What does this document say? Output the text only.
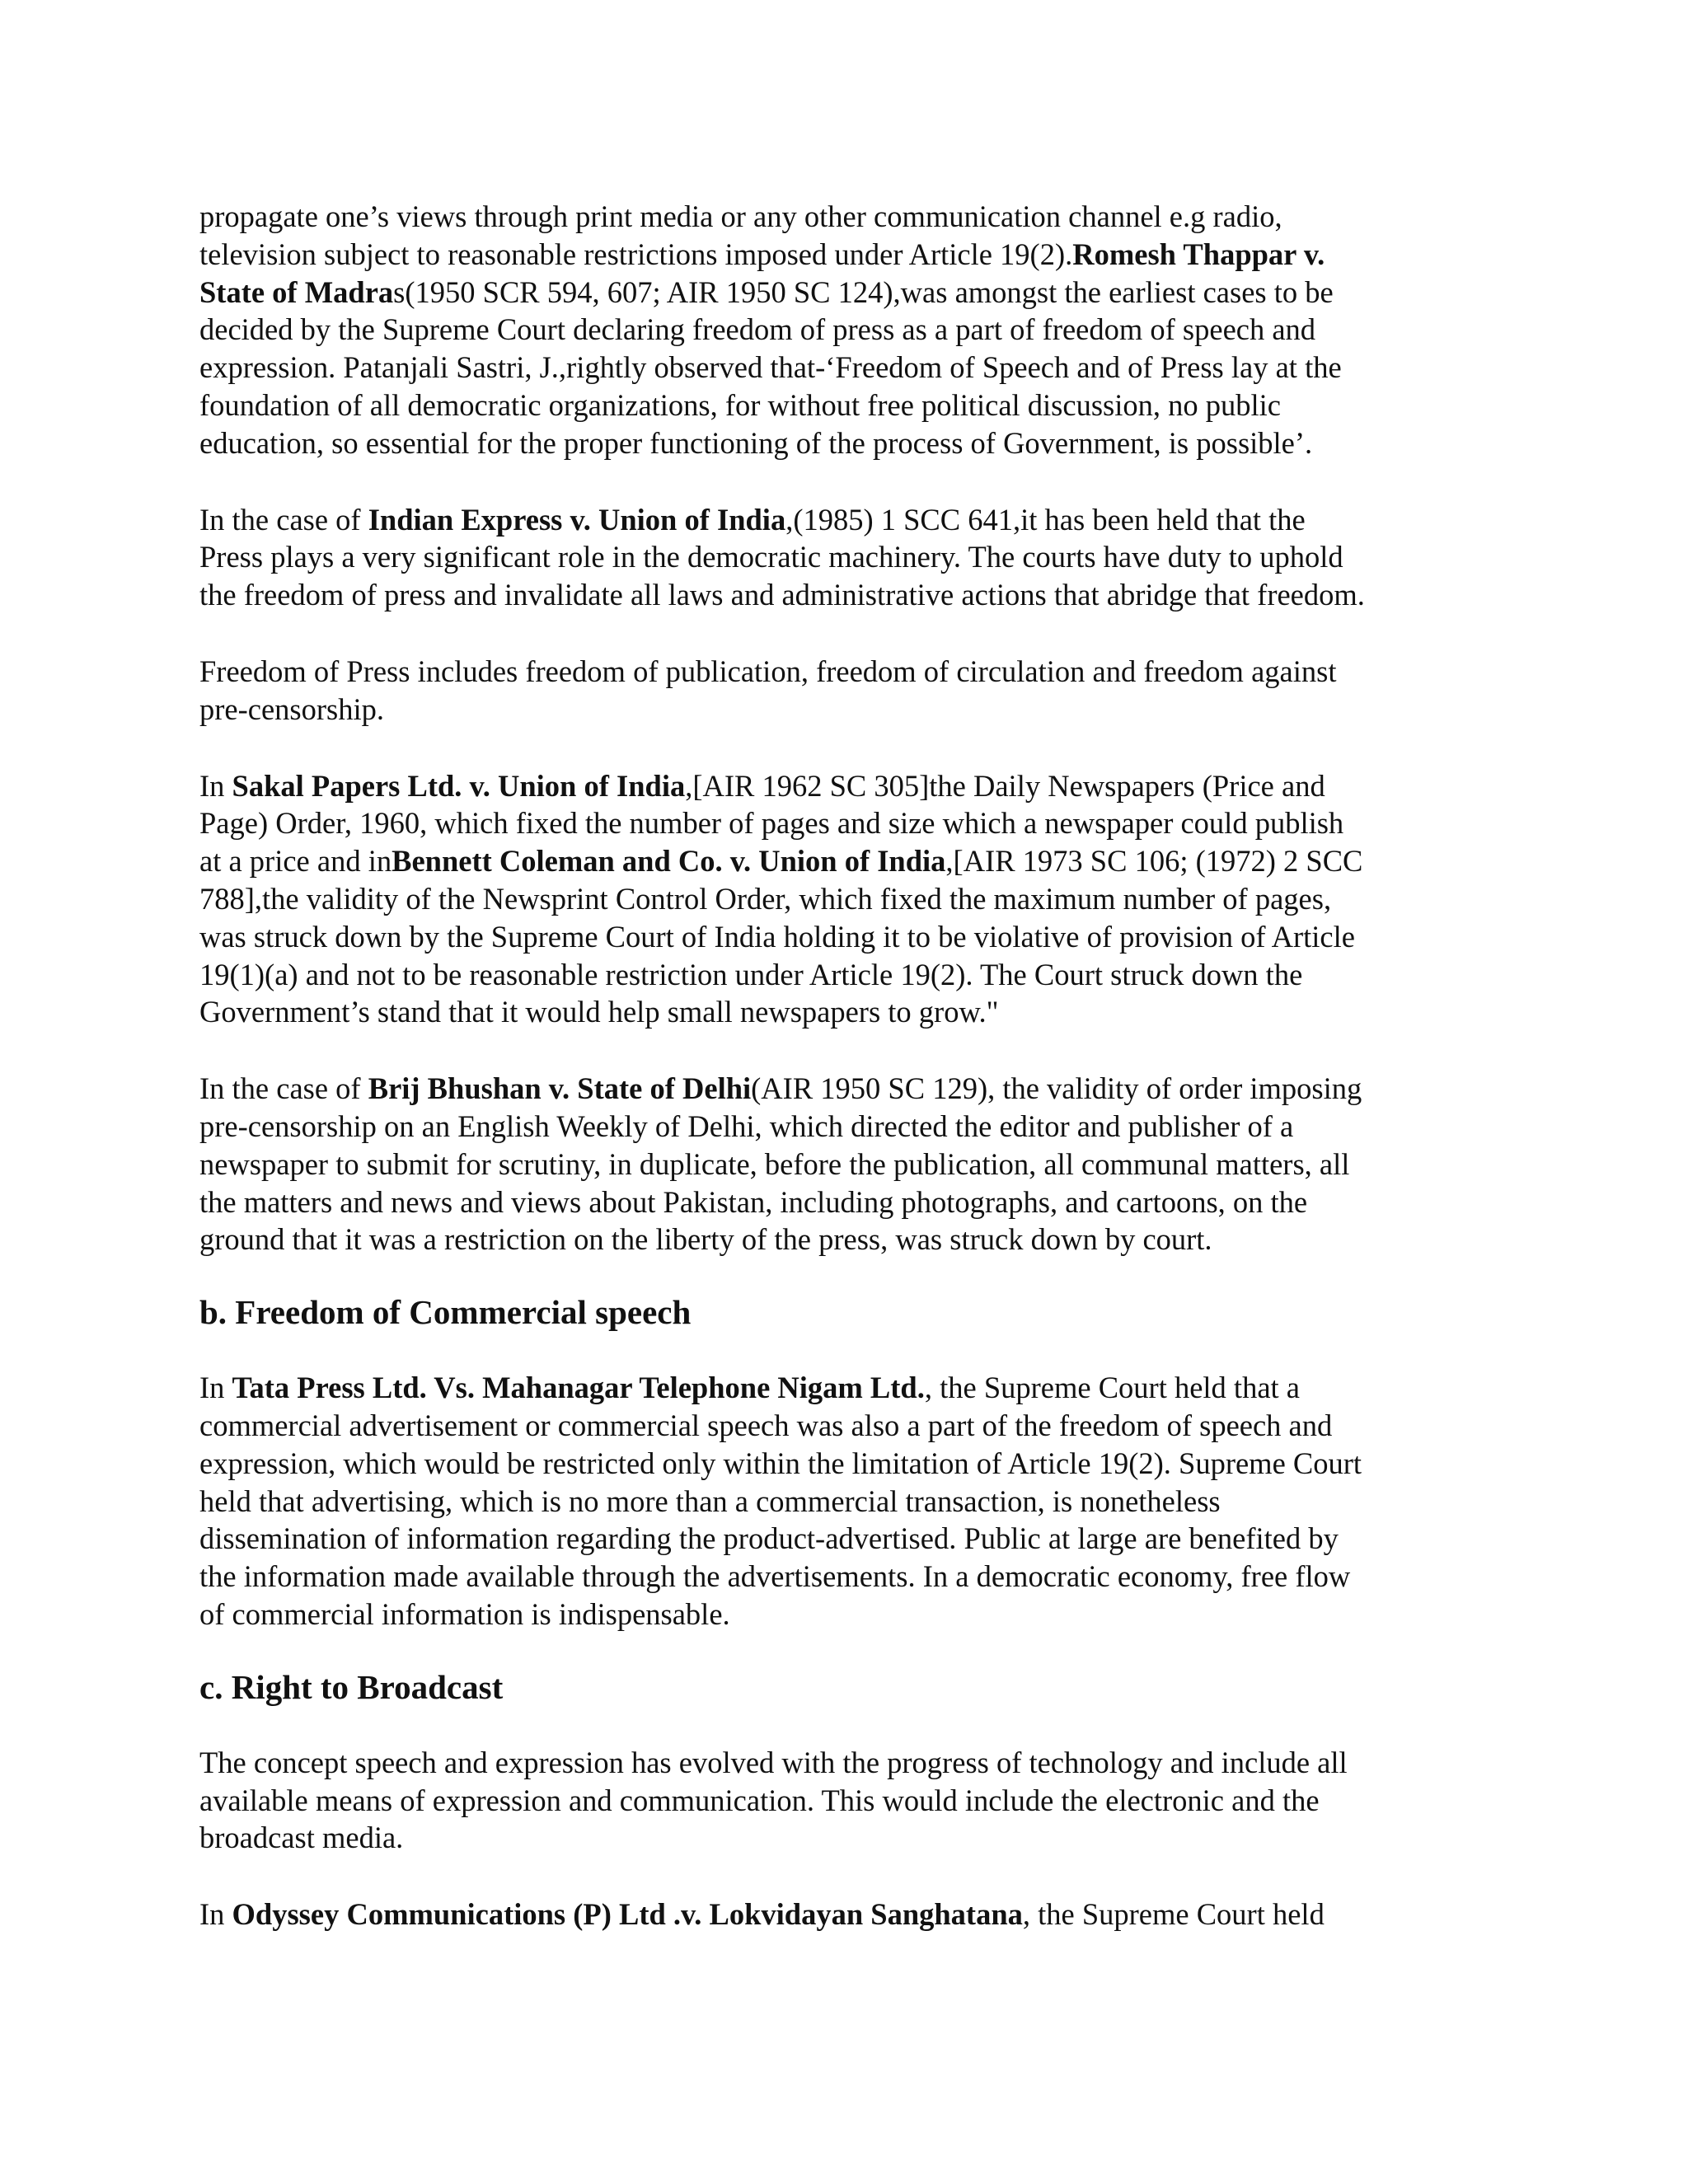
propagate one’s views through print media or any other communication channel e.g radio,
television subject to reasonable restrictions imposed under Article 19(2).Romesh Thappar v.
State of Madras(1950 SCR 594, 607; AIR 1950 SC 124),was amongst the earliest cases to be
decided by the Supreme Court declaring freedom of press as a part of freedom of speech and
expression. Patanjali Sastri, J.,rightly observed that-‘Freedom of Speech and of Press lay at the
foundation of all democratic organizations, for without free political discussion, no public
education, so essential for the proper functioning of the process of Government, is possible’.
In the case of Indian Express v. Union of India,(1985) 1 SCC 641,it has been held that the
Press plays a very significant role in the democratic machinery. The courts have duty to uphold
the freedom of press and invalidate all laws and administrative actions that abridge that freedom.
Freedom of Press includes freedom of publication, freedom of circulation and freedom against
pre-censorship.
In Sakal Papers Ltd. v. Union of India,[AIR 1962 SC 305]the Daily Newspapers (Price and
Page) Order, 1960, which fixed the number of pages and size which a newspaper could publish
at a price and inBennett Coleman and Co. v. Union of India,[AIR 1973 SC 106; (1972) 2 SCC
788],the validity of the Newsprint Control Order, which fixed the maximum number of pages,
was struck down by the Supreme Court of India holding it to be violative of provision of Article
19(1)(a) and not to be reasonable restriction under Article 19(2). The Court struck down the
Government’s stand that it would help small newspapers to grow."
In the case of Brij Bhushan v. State of Delhi(AIR 1950 SC 129), the validity of order imposing
pre-censorship on an English Weekly of Delhi, which directed the editor and publisher of a
newspaper to submit for scrutiny, in duplicate, before the publication, all communal matters, all
the matters and news and views about Pakistan, including photographs, and cartoons, on the
ground that it was a restriction on the liberty of the press, was struck down by court.
b. Freedom of Commercial speech
In Tata Press Ltd. Vs. Mahanagar Telephone Nigam Ltd., the Supreme Court held that a
commercial advertisement or commercial speech was also a part of the freedom of speech and
expression, which would be restricted only within the limitation of Article 19(2). Supreme Court
held that advertising, which is no more than a commercial transaction, is nonetheless
dissemination of information regarding the product-advertised. Public at large are benefited by
the information made available through the advertisements. In a democratic economy, free flow
of commercial information is indispensable.
c. Right to Broadcast
The concept speech and expression has evolved with the progress of technology and include all
available means of expression and communication. This would include the electronic and the
broadcast media.
In Odyssey Communications (P) Ltd .v. Lokvidayan Sanghatana, the Supreme Court held
